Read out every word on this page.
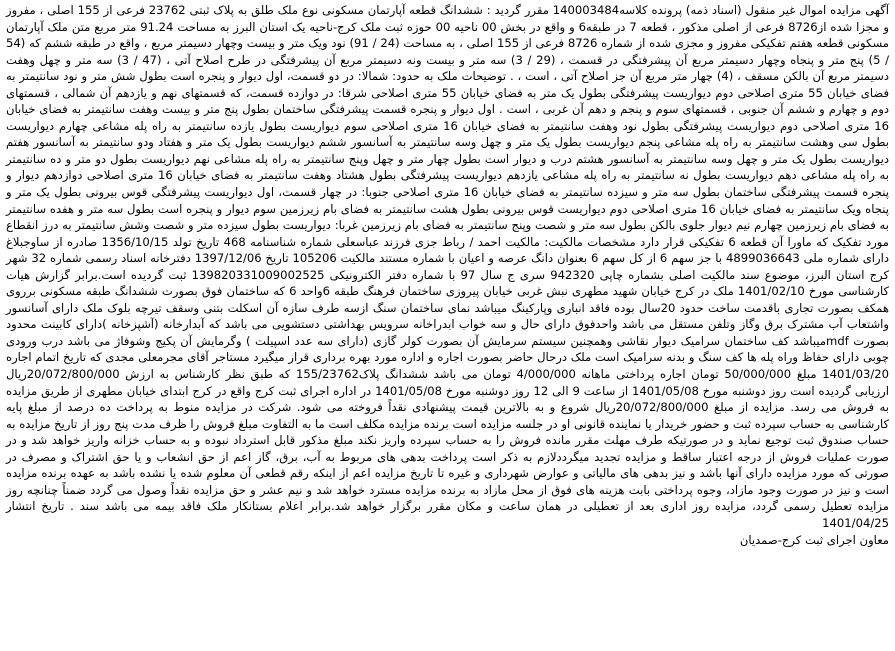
آگهی مزایده اموال غیر منقول (اسناد ذمه) پرونده کلاسه140003484 مقرر گردید : ششدانگ قطعه آپارتمان مسکونی نوع ملک طلق به پلاک ثبتی 23762 فرعی از 155 اصلی ، مفروز و مجزا شده از8726 فرعی از اصلی مذکور ، قطعه 7 در طبقه6 و واقع در بخش 00 ناحیه 00 حوزه ثبت ملک کرج-ناحیه یک استان البرز به مساحت 91.24 متر مربع متن ملک آپارتمان مسکونی قطعه هفتم تفکیکی مفروز و مجزی شده از شماره 8726 فرعی از 155 اصلی ، به مساحت (24 / 91) نود ویک متر و بیست وچهار دسیمتر مربع ، واقع در طبقه ششم که (54 / 5) پنج متر و پنجاه وچهار دسیمتر مربع آن پیشرفتگی در قسمت ، (29 / 3) سه متر و بیست ونه دسیمتر مربع آن پیشرفتگی در طرح اصلاح آتی ، (47 / 3) سه متر و چهل وهفت دسیمتر مربع آن بالکن مسقف ، (4) چهار متر مربع آن جز اصلاح آتی ، است ، . توضیحات ملک به حدود: شمالا: در دو قسمت، اول دیوار و پنجره است بطول شش متر و نود سانتیمتر به فضای خیابان 55 متری اصلاحی دوم دیواریست پیشرفتگی بطول یک متر به فضای خیابان 55 متری اصلاحی شرقا: در دوازده قسمت، که قسمتهای نهم و یازدهم آن شمالی ، قسمتهای دوم و چهارم و ششم آن جنوبی ، قسمتهای سوم و پنجم و دهم آن غربی ، است . اول دیوار و پنجره قسمت پیشرفتگی ساختمان بطول پنج متر و بیست وهفت سانتیمتر به فضای خیابان 16 متری اصلاحی دوم دیواریست پیشرفتگی بطول نود وهفت سانتیمتر به فضای خیابان 16 متری اصلاحی سوم دیواریست بطول یازده سانتیمتر به راه پله مشاعی چهارم دیواریست بطول سی وهشت سانتیمتر به راه پله مشاعی پنجم دیواریست بطول یک متر و چهل وسه سانتیمتر به آسانسور ششم دیواریست بطول یک متر و هفتاد ودو سانتیمتر به آسانسور هفتم دیواریست بطول یک متر و چهل وسه سانتیمتر به آسانسور هشتم درب و دیوار است بطول چهار متر و چهل وپنج سانتیمتر به راه پله مشاعی نهم دیواریست بطول دو متر و ده سانتیمتر به راه پله مشاعی دهم دیواریست بطول نه سانتیمتر به راه پله مشاعی یازدهم دیواریست پیشرفتگی بطول هشتاد وهفت سانتیمتر به فضای خیابان 16 متری اصلاحی دوازدهم دیوار و پنجره قسمت پیشرفتگی ساختمان بطول سه متر و سیزده سانتیمتر به فضای خیابان 16 متری اصلاحی جنوبا: در چهار قسمت، اول دیواریست پیشرفتگی قوس بیرونی بطول یک متر و پنجاه ویک سانتیمتر به فضای خیابان 16 متری اصلاحی دوم دیواریست قوس بیرونی بطول هشت سانتیمتر به فضای بام زیرزمین سوم دیوار و پنجره است بطول سه متر و هفده سانتیمتر به فضای بام زیرزمین چهارم نیم دیوار جلوی بالکن بطول سه متر و شصت وپنج سانتیمتر به فضای بام زیرزمین غربا: دیواریست بطول سیزده متر و شصت وشش سانتیمتر به درز انقطاع مورد تفکیک که ماورا آن قطعه 6 تفکیکی قرار دارد مشخصات مالکیت: مالکیت احمد / رباط جزی فرزند عباسعلی شماره شناسنامه 468 تاریخ تولد 1356/10/15 صادره از ساوجبلاغ دارای شماره ملی 4899036643 با جز سهم 6 از کل سهم 6 بعنوان دانگ عرصه و اعیان با شماره مستند مالکیت 105206 تاریخ 1397/12/06 دفترخانه اسناد رسمی شماره 32 شهر کرج استان البرز، موضوع سند مالکیت اصلی بشماره چاپی 942320 سری ج سال 97 با شماره دفتر الکترونیکی 139820331009002525 ثبت گردیده است.برابر گزارش هیات کارشناسی مورخ 1401/02/10 ملک در کرج خیابان شهید مطهری نبش غربی خیابان پیروزی ساختمان فرهنگ طبقه 6واحد 6 که ساختمان فوق بصورت ششدانگ طبقه مسکونی برروی همکف بصورت تجاری باقدمت ساخت حدود 20سال بوده فاقد انباری وپارکینگ میباشد نمای ساختمان سنگ ازسه طرف سازه آن اسکلت بتنی وسقف تیرچه بلوک ملک دارای آسانسور واشتعاب آب مشترک برق وگاز وتلفن مستقل می باشد واحدفوق دارای حال و سه خواب ابدراخانه سرویس بهداشتی دستشویی می باشد که آبدارخانه (آشپزخانه )دارای کابینت محدود بصورت mdfمیباشد کف ساختمان سرامیک دیوار نقاشی وهمچنین سیستم سرمایش آن بصورت کولر گازی (دارای سه عدد اسپیلت ) وگرمایش آن پکیج وشوفاژ می باشد درب ورودی چوبی دارای حفاظ وراه پله ها کف سنگ و بدنه سرامیک است ملک درحال حاضر بصورت اجاره و اداره مورد بهره برداری قرار میگیرد مستاجر آقای مجرمعلی مجدی که تاریخ اتمام اجاره 1401/03/20 مبلغ 50/000/000 تومان اجاره پرداختی ماهانه 4/000/000 تومان می باشد ششدانگ پلاک155/23762 که طبق نظر کارشناس به ارزش 20/072/800/000ریال ارزیابی گردیده است روز دوشنبه مورخ 1401/05/08 از ساعت 9 الی 12 روز دوشنبه مورخ 1401/05/08 در اداره اجرای ثبت کرج واقع در کرج ابتدای خیابان مطهری از طریق مزایده به فروش می رسد. مزایده از مبلغ 20/072/800/000ریال شروع و به بالاترین قیمت پیشنهادی نقداً فروخته می شود. شرکت در مزایده منوط به پرداخت ده درصد از مبلغ پایه کارشناسی به حساب سپرده ثبت و حضور خریدار یا نماینده قانونی او در جلسه مزایده است برنده مزایده مکلف است ما به التفاوت مبلغ فروش را ظرف مدت پنج روز از تاریخ مزایده به حساب صندوق ثبت توجیع نماید و در صورتیکه طرف مهلت مقرر مانده فروش را به حساب سپرده واریز نکند مبلغ مذکور قابل استرداد نبوده و به حساب خزانه واریز خواهد شد و در صورت عملیات فروش از درجه اعتبار ساقط و مزایده تجدید میگرددلازم به ذکر است پرداخت بدهی های مربوط به آب، برق، گاز اعم از حق انشعاب و یا حق اشتراک و مصرف در صورتی که مورد مزایده دارای آنها باشد و نیز بدهی های مالیاتی و عوارض شهرداری و غیره تا تاریخ مزایده اعم از اینکه رقم قطعی آن معلوم شده یا نشده باشد به عهده برنده مزایده است و نیز در صورت وجود مازاد، وجوه پرداختی بابت هزینه های فوق از محل مازاد به برنده مزایده مسترد خواهد شد و نیم عشر و حق مزایده نقداً وصول می گردد ضمناً چنانچه روز مزایده تعطیل رسمی گردد، مزایده روز اداری بعد از تعطیلی در همان ساعت و مکان مقرر برگزار خواهد شد.برابر اعلام بستانکار ملک فاقد بیمه می باشد سند . تاریخ انتشار 1401/04/25

معاون اجرای ثبت کرج-صمدیان
